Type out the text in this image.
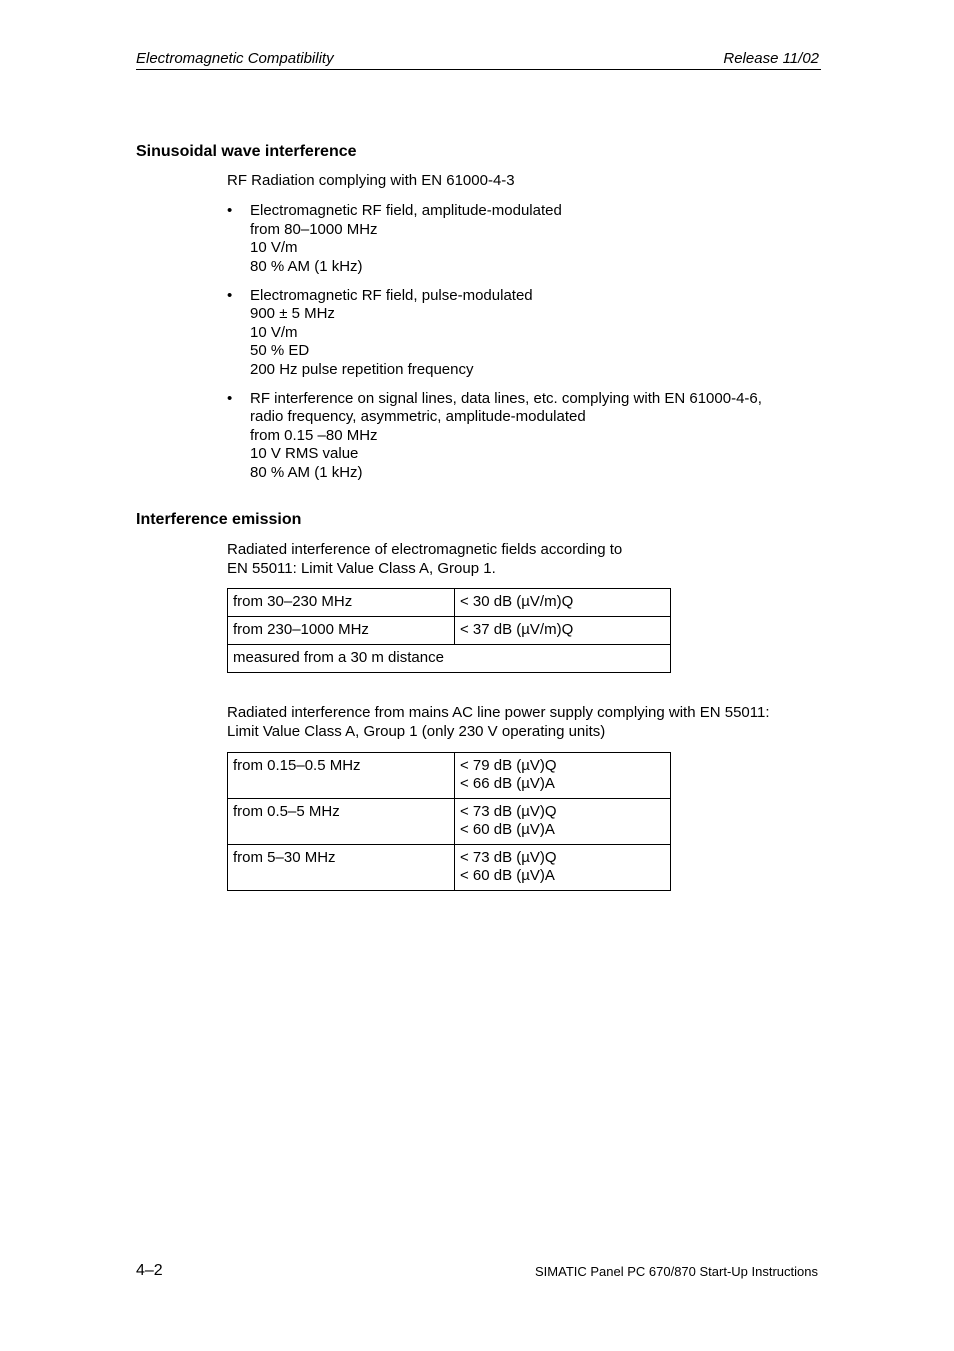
Electromagnetic Compatibility	Release 11/02
Sinusoidal wave interference
RF Radiation complying with EN 61000-4-3
• Electromagnetic RF field, amplitude-modulated
from 80–1000 MHz
10 V/m
80 % AM (1 kHz)
• Electromagnetic RF field, pulse-modulated
900 ± 5 MHz
10 V/m
50 % ED
200 Hz pulse repetition frequency
• RF interference on signal lines, data lines, etc. complying with EN 61000-4-6,
radio frequency, asymmetric, amplitude-modulated
from 0.15 –80 MHz
10 V RMS value
80 % AM (1 kHz)
Interference emission
Radiated interference of electromagnetic fields according to
EN 55011: Limit Value Class A, Group 1.
from 30–230 MHz	< 30 dB (µV/m)Q
from 230–1000 MHz	< 37 dB (µV/m)Q
measured from a 30 m distance	
Radiated interference from mains AC line power supply complying with EN 55011:
Limit Value Class A, Group 1 (only 230 V operating units)
from 0.15–0.5 MHz	< 79 dB (µV)Q
< 66 dB (µV)A

from 0.5–5 MHz	< 73 dB (µV)Q
< 60 dB (µV)A

from 5–30 MHz	< 73 dB (µV)Q
< 60 dB (µV)A
4–2	SIMATIC Panel PC 670/870 Start-Up Instructions
